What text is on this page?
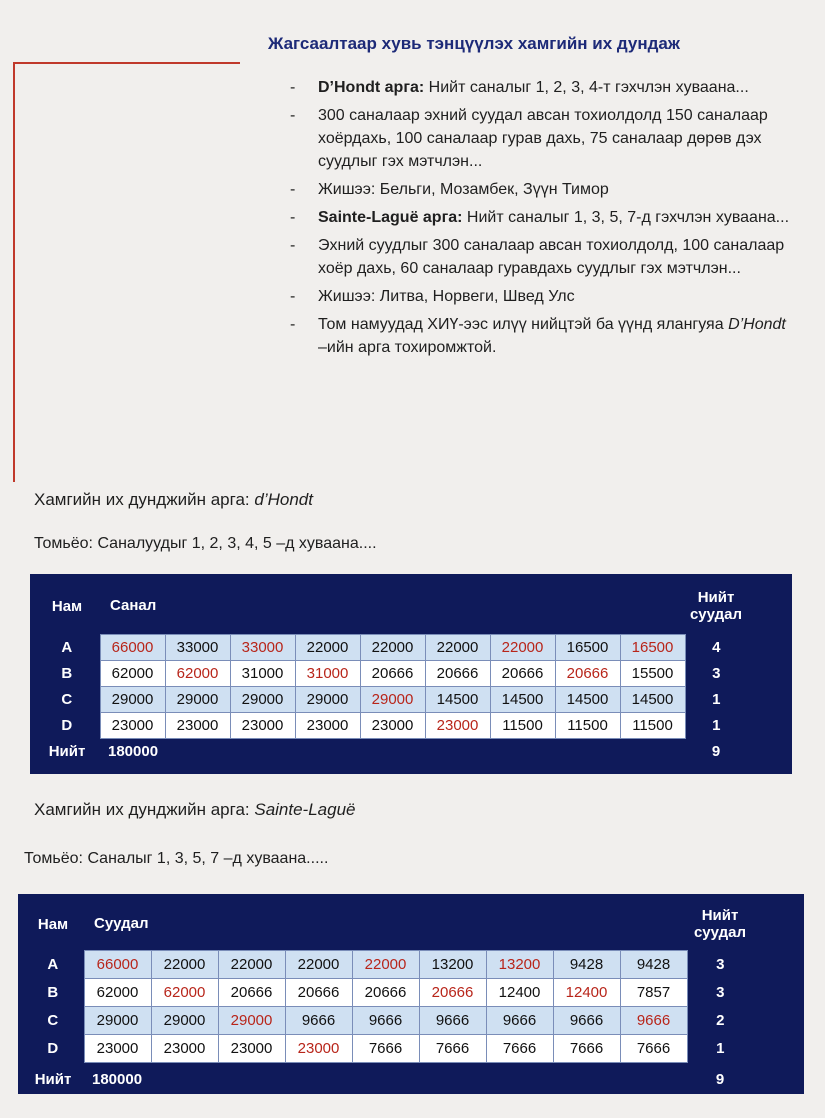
Жагсаалтаар хувь тэнцүүлэх хамгийн их дундаж
- D’Hondt арга: Нийт саналыг 1, 2, 3, 4-т гэхчлэн хуваана...
- 300 саналаар эхний суудал авсан тохиолдолд 150 саналаар хоёрдахь, 100 саналаар гурав дахь, 75 саналаар дөрөв дэх суудлыг гэх мэтчлэн...
- Жишээ: Бельги, Мозамбек, Зүүн Тимор
- Sainte-Laguë арга: Нийт саналыг 1, 3, 5, 7-д гэхчлэн хуваана...
- Эхний суудлыг 300 саналаар авсан тохиолдолд, 100 саналаар хоёр дахь, 60 саналаар гуравдахь суудлыг гэх мэтчлэн...
- Жишээ: Литва, Норвеги, Швед Улс
- Том намуудад ХИҮ-ээс илүү нийцтэй ба үүнд ялангуяа D’Hondt –ийн арга тохиромжтой.
Хамгийн их дунджийн арга: d’Hondt
Томьёо: Саналуудыг 1, 2, 3, 4, 5 –д хуваана....
Нам	Санал									Нийт
суудал

A	66000	33000	33000	22000	22000	22000	22000	16500	16500	4
B	62000	62000	31000	31000	20666	20666	20666	20666	15500	3
C	29000	29000	29000	29000	29000	14500	14500	14500	14500	1
D	23000	23000	23000	23000	23000	23000	11500	11500	11500	1
Нийт	180000									9
Хамгийн их дунджийн арга: Sainte-Laguë
Томьёо: Саналыг 1, 3, 5, 7 –д хуваана.....
Нам	Суудал									Нийт
суудал

A	66000	22000	22000	22000	22000	13200	13200	9428	9428	3
B	62000	62000	20666	20666	20666	20666	12400	12400	7857	3
C	29000	29000	29000	9666	9666	9666	9666	9666	9666	2
D	23000	23000	23000	23000	7666	7666	7666	7666	7666	1
Нийт	180000									9
